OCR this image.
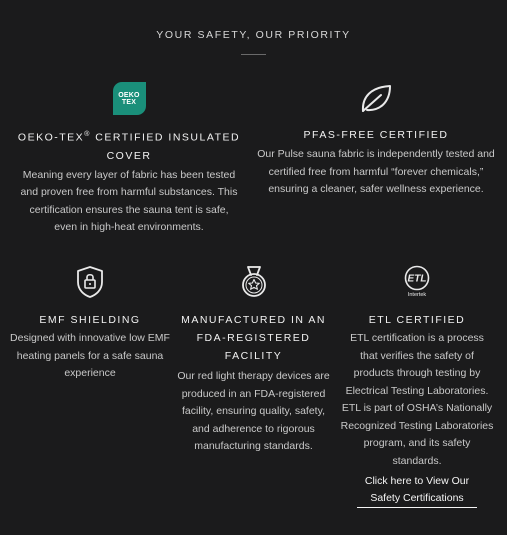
YOUR SAFETY, OUR PRIORITY
OEKO
TEX
OEKO-TEX® CERTIFIED INSULATED COVER

Meaning every layer of fabric has been tested and proven free from harmful substances. This certification ensures the sauna tent is safe, even in high-heat environments.

PFAS-FREE CERTIFIED

Our Pulse sauna fabric is independently tested and certified free from harmful “forever chemicals,” ensuring a cleaner, safer wellness experience.

EMF SHIELDING

Designed with innovative low EMF heating panels for a safe sauna experience

MANUFACTURED IN AN FDA-REGISTERED FACILITY

Our red light therapy devices are produced in an FDA-registered facility, ensuring quality, safety, and adherence to rigorous manufacturing standards.

ETL
Intertek
ETL CERTIFIED

ETL certification is a process that verifies the safety of products through testing by Electrical Testing Laboratories. ETL is part of OSHA’s Nationally Recognized Testing Laboratories program, and its safety standards.

Click here to View Our Safety Certifications
